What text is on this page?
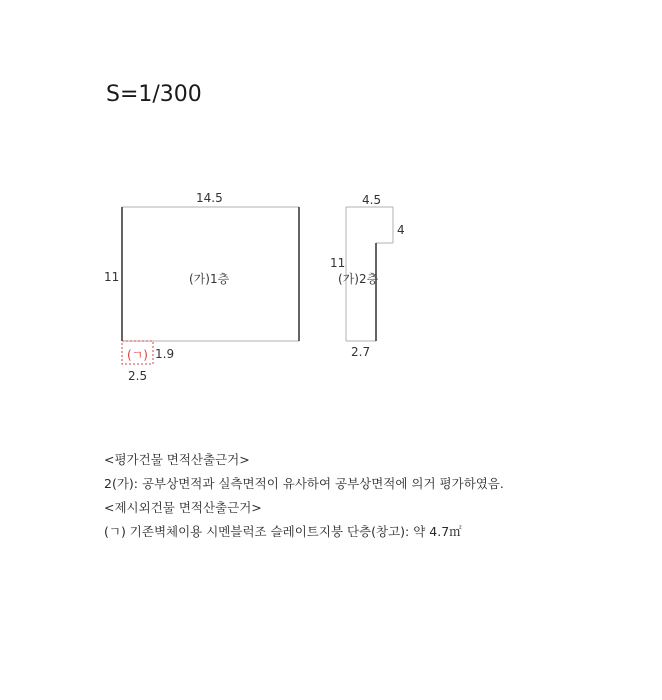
S=1/300
14.5
11	(가)1층
(ㄱ) 1.9
2.5
4.5
4
11
(가)2층
2.7
<평가건물 면적산출근거>
2(가): 공부상면적과 실측면적이 유사하여 공부상면적에 의거 평가하였음.
<제시외건물 면적산출근거>
(ㄱ) 기존벽체이용 시멘블럭조 슬레이트지붕 단층(창고): 약 4.7㎡
